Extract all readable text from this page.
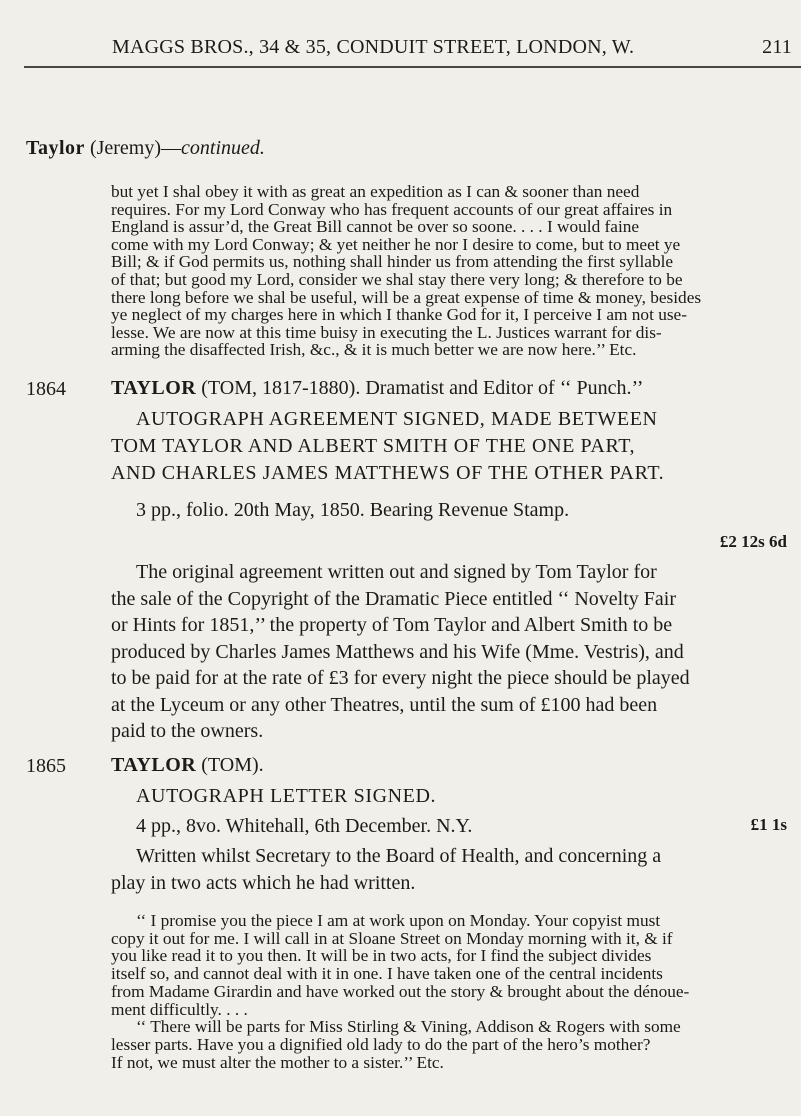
MAGGS BROS., 34 & 35, CONDUIT STREET, LONDON, W.	211
Taylor (Jeremy)—continued.
but yet I shal obey it with as great an expedition as I can & sooner than need
requires. For my Lord Conway who has frequent accounts of our great affaires in
England is assur’d, the Great Bill cannot be over so soone. . . . I would faine
come with my Lord Conway; & yet neither he nor I desire to come, but to meet ye
Bill; & if God permits us, nothing shall hinder us from attending the first syllable
of that; but good my Lord, consider we shal stay there very long; & therefore to be
there long before we shal be useful, will be a great expense of time & money, besides
ye neglect of my charges here in which I thanke God for it, I perceive I am not use-
lesse. We are now at this time buisy in executing the L. Justices warrant for dis-
arming the disaffected Irish, &c., & it is much better we are now here.’’ Etc.
1864 TAYLOR (TOM, 1817-1880). Dramatist and Editor of ‘‘ Punch.’’
AUTOGRAPH AGREEMENT SIGNED, MADE BETWEEN
TOM TAYLOR AND ALBERT SMITH OF THE ONE PART,
AND CHARLES JAMES MATTHEWS OF THE OTHER PART.
3 pp., folio. 20th May, 1850. Bearing Revenue Stamp.
£2 12s 6d
The original agreement written out and signed by Tom Taylor for
the sale of the Copyright of the Dramatic Piece entitled ‘‘ Novelty Fair
or Hints for 1851,’’ the property of Tom Taylor and Albert Smith to be
produced by Charles James Matthews and his Wife (Mme. Vestris), and
to be paid for at the rate of £3 for every night the piece should be played
at the Lyceum or any other Theatres, until the sum of £100 had been
paid to the owners.
1865 TAYLOR (TOM).
AUTOGRAPH LETTER SIGNED.
4 pp., 8vo. Whitehall, 6th December. N.Y.	£1 1s
Written whilst Secretary to the Board of Health, and concerning a
play in two acts which he had written.
‘‘ I promise you the piece I am at work upon on Monday. Your copyist must
copy it out for me. I will call in at Sloane Street on Monday morning with it, & if
you like read it to you then. It will be in two acts, for I find the subject divides
itself so, and cannot deal with it in one. I have taken one of the central incidents
from Madame Girardin and have worked out the story & brought about the dénoue-
ment difficultly. . . .
‘‘ There will be parts for Miss Stirling & Vining, Addison & Rogers with some
lesser parts. Have you a dignified old lady to do the part of the hero’s mother?
If not, we must alter the mother to a sister.’’ Etc.
